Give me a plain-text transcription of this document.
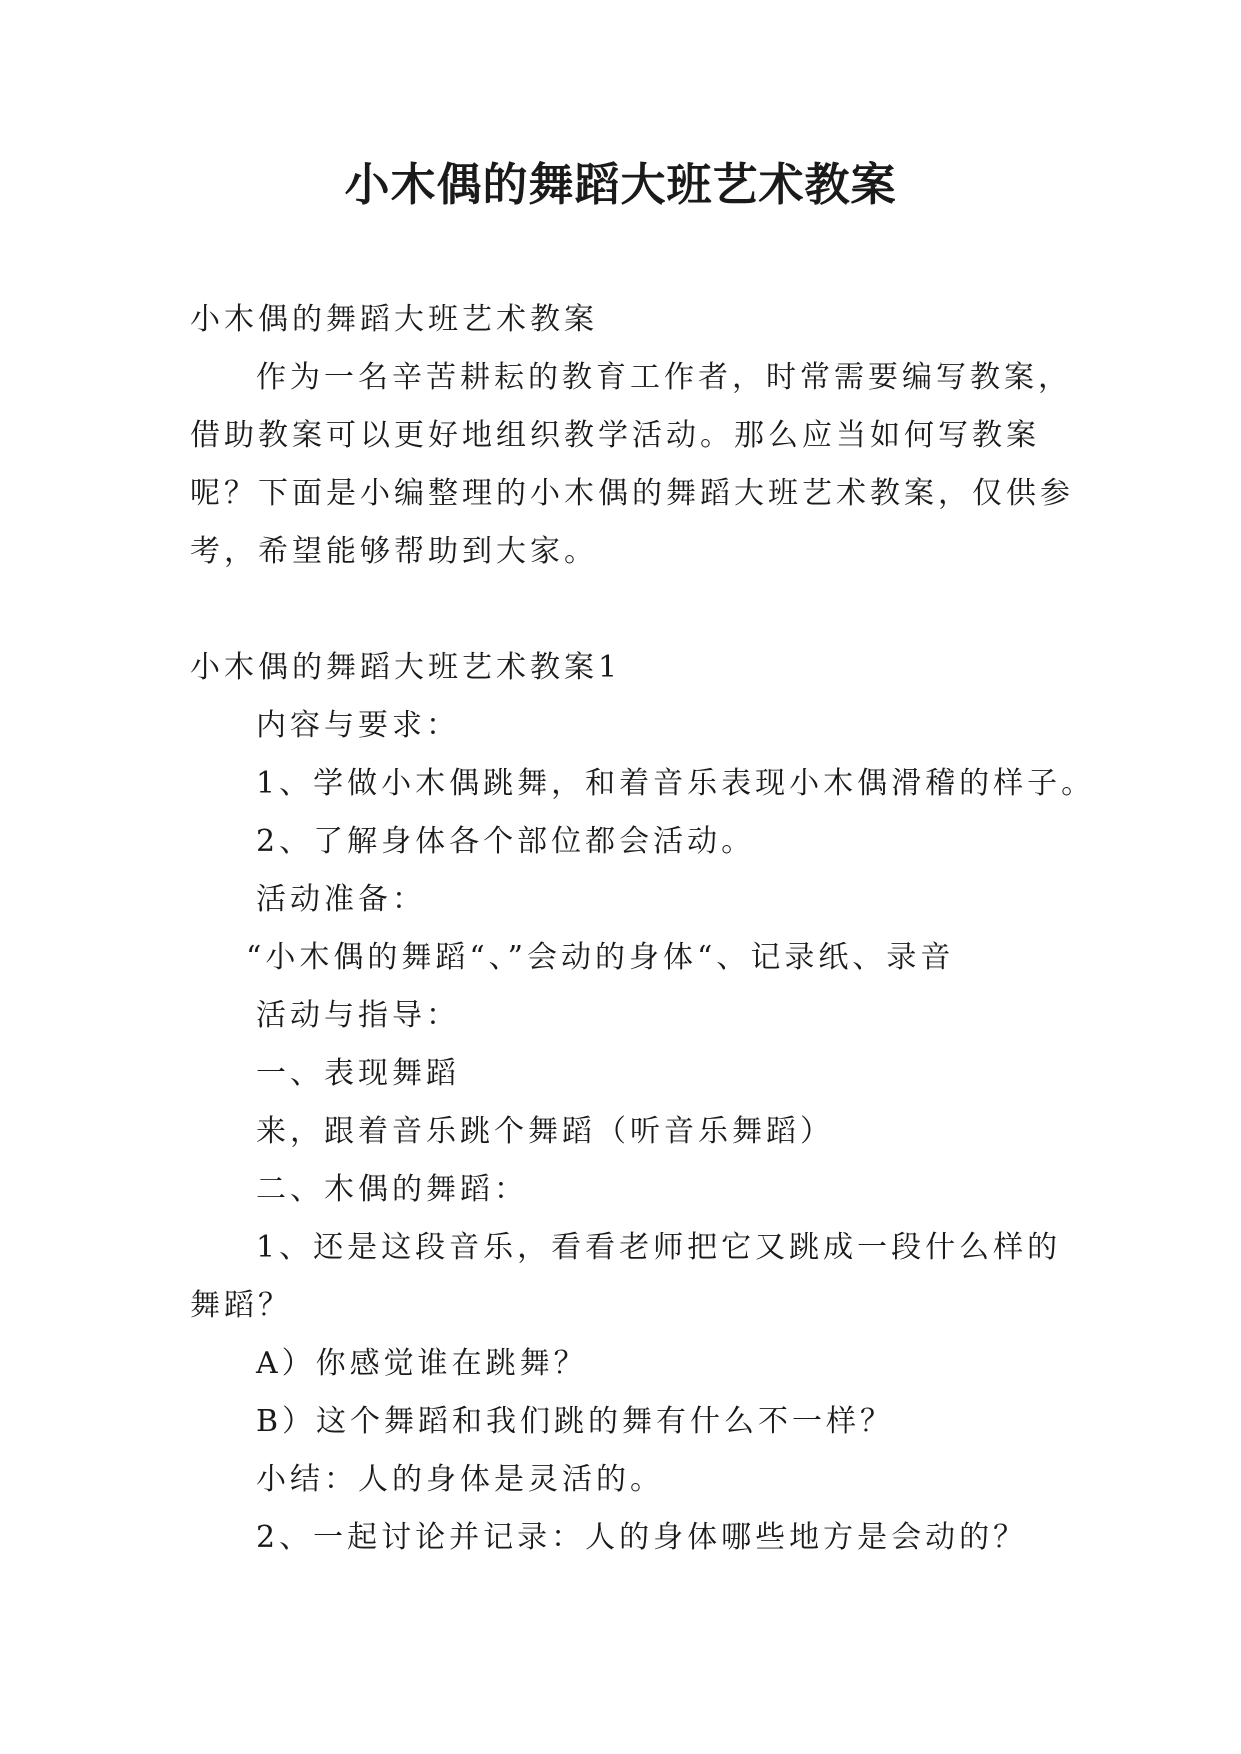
小木偶的舞蹈大班艺术教案

小木偶的舞蹈大班艺术教案

作为一名辛苦耕耘的教育工作者，时常需要编写教案，

借助教案可以更好地组织教学活动。那么应当如何写教案

呢？下面是小编整理的小木偶的舞蹈大班艺术教案，仅供参

考，希望能够帮助到大家。

小木偶的舞蹈大班艺术教案1

内容与要求：

1、学做小木偶跳舞，和着音乐表现小木偶滑稽的样子。

2、了解身体各个部位都会活动。

活动准备：

“小木偶的舞蹈“、”会动的身体“、记录纸、录音

活动与指导：

一、表现舞蹈

来，跟着音乐跳个舞蹈（听音乐舞蹈）

二、木偶的舞蹈：

1、还是这段音乐，看看老师把它又跳成一段什么样的

舞蹈？

A）你感觉谁在跳舞？

B）这个舞蹈和我们跳的舞有什么不一样？

小结：人的身体是灵活的。

2、一起讨论并记录：人的身体哪些地方是会动的？
